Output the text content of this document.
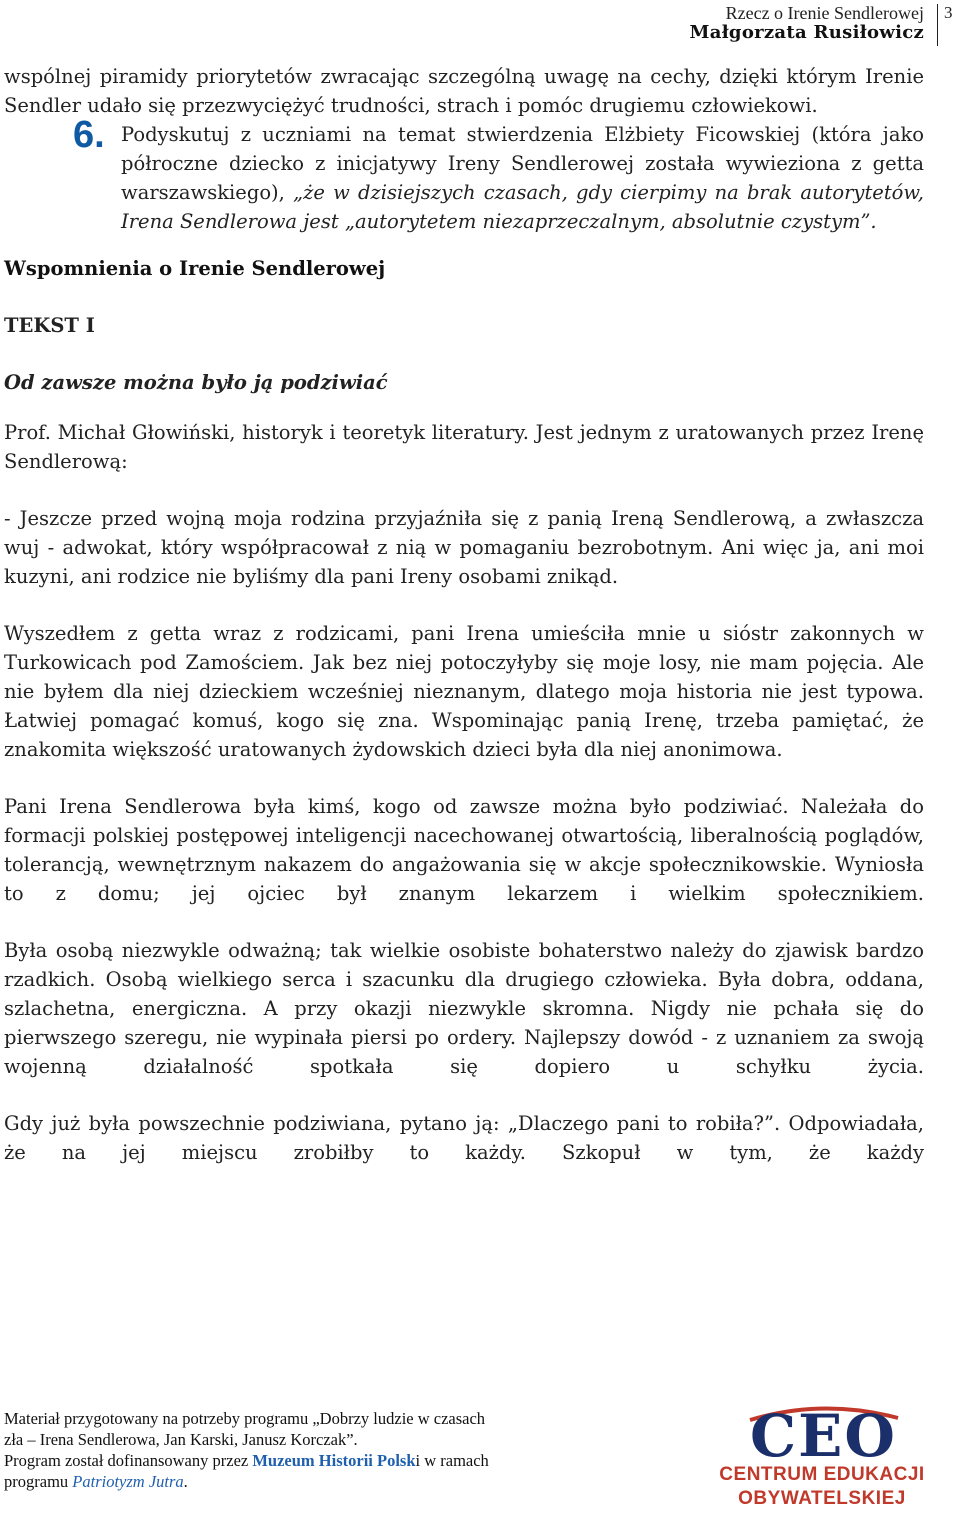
Rzecz o Irenie Sendlerowej
Małgorzata Rusiłowicz
3

wspólnej piramidy priorytetów zwracając szczególną uwagę na cechy, dzięki którym Irenie Sendler udało się przezwyciężyć trudności, strach i pomóc drugiemu człowiekowi.

6. Podyskutuj z uczniami na temat stwierdzenia Elżbiety Ficowskiej (która jako półroczne dziecko z inicjatywy Ireny Sendlerowej została wywieziona z getta warszawskiego), „że w dzisiejszych czasach, gdy cierpimy na brak autorytetów, Irena Sendlerowa jest „autorytetem niezaprzeczalnym, absolutnie czystym”.

Wspomnienia o Irenie Sendlerowej
TEKST I
Od zawsze można było ją podziwiać

Prof. Michał Głowiński, historyk i teoretyk literatury. Jest jednym z uratowanych przez Irenę Sendlerową:

- Jeszcze przed wojną moja rodzina przyjaźniła się z panią Ireną Sendlerową, a zwłaszcza wuj - adwokat, który współpracował z nią w pomaganiu bezrobotnym. Ani więc ja, ani moi kuzyni, ani rodzice nie byliśmy dla pani Ireny osobami znikąd.

Wyszedłem z getta wraz z rodzicami, pani Irena umieściła mnie u sióstr zakonnych w Turkowicach pod Zamościem. Jak bez niej potoczyłyby się moje losy, nie mam pojęcia. Ale nie byłem dla niej dzieckiem wcześniej nieznanym, dlatego moja historia nie jest typowa. Łatwiej pomagać komuś, kogo się zna. Wspominając panią Irenę, trzeba pamiętać, że znakomita większość uratowanych żydowskich dzieci była dla niej anonimowa.

Pani Irena Sendlerowa była kimś, kogo od zawsze można było podziwiać. Należała do formacji polskiej postępowej inteligencji nacechowanej otwartością, liberalnością poglądów, tolerancją, wewnętrznym nakazem do angażowania się w akcje społecznikowskie. Wyniosła to z domu; jej ojciec był znanym lekarzem i wielkim społecznikiem.

Była osobą niezwykle odważną; tak wielkie osobiste bohaterstwo należy do zjawisk bardzo rzadkich. Osobą wielkiego serca i szacunku dla drugiego człowieka. Była dobra, oddana, szlachetna, energiczna. A przy okazji niezwykle skromna. Nigdy nie pchała się do pierwszego szeregu, nie wypinała piersi po ordery. Najlepszy dowód - z uznaniem za swoją wojenną działalność spotkała się dopiero u schyłku życia.

Gdy już była powszechnie podziwiana, pytano ją: „Dlaczego pani to robiła?”. Odpowiadała, że na jej miejscu zrobiłby to każdy. Szkopuł w tym, że każdy

Materiał przygotowany na potrzeby programu „Dobrzy ludzie w czasach
zła – Irena Sendlerowa, Jan Karski, Janusz Korczak”.
Program został dofinansowany przez Muzeum Historii Polski w ramach
programu Patriotyzm Jutra.
CEO
CENTRUM EDUKACJI
OBYWATELSKIEJ
